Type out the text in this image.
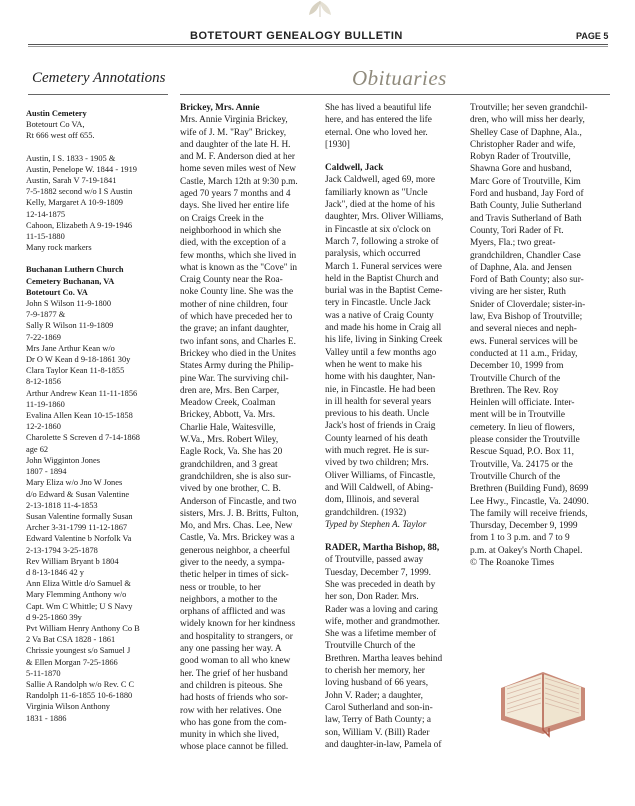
BOTETOURT GENEALOGY BULLETIN	PAGE 5
Cemetery Annotations	Obituaries
Austin Cemetery
Botetourt Co VA,
Rt 666 west off 655.
Austin, I S. 1833 - 1905 &
Austin, Penelope W. 1844 - 1919
Austin, Sarah V 7-19-1841
7-5-1882 second w/o I S Austin
Kelly, Margaret A 10-9-1809
12-14-1875
Cahoon, Elizabeth A 9-19-1946
11-15-1880
Many rock markers
Buchanan Luthern Church
Cemetery Buchanan, VA
Botetourt Co. VA
John S Wilson 11-9-1800
7-9-1877 &
Sally R Wilson 11-9-1809
7-22-1869
Mrs Jane Arthur Kean w/o
Dr O W Kean d 9-18-1861 30y
Clara Taylor Kean 11-8-1855
8-12-1856
Arthur Andrew Kean 11-11-1856
11-19-1860
Evalina Allen Kean 10-15-1858
12-2-1860
Charolette S Screven d 7-14-1868
age 62
John Wigginton Jones
1807 - 1894
Mary Eliza w/o Jno W Jones
d/o Edward & Susan Valentine
2-13-1818 11-4-1853
Susan Valentine formally Susan
Archer 3-31-1799 11-12-1867
Edward Valentine b Norfolk Va
2-13-1794 3-25-1878
Rev William Bryant b 1804
d 8-13-1846 42 y
Ann Eliza Wittle d/o Samuel &
Mary Flemming Anthony w/o
Capt. Wm C Whittle; U S Navy
d 9-25-1860 39y
Pvt William Henry Anthony Co B
2 Va Bat CSA 1828 - 1861
Chrissie youngest s/o Samuel J
& Ellen Morgan 7-25-1866
5-11-1870
Sallie A Randolph w/o Rev. C C
Randolph 11-6-1855 10-6-1880
Virginia Wilson Anthony
1831 - 1886
Brickey, Mrs. Annie
Mrs. Annie Virginia Brickey,
wife of J. M. "Ray" Brickey,
and daughter of the late H. H.
and M. F. Anderson died at her
home seven miles west of New
Castle, March 12th at 9:30 p.m.
aged 70 years 7 months and 4
days. She lived her entire life
on Craigs Creek in the
neighborhood in which she
died, with the exception of a
few months, which she lived in
what is known as the "Cove" in
Craig County near the Roa-
noke County line. She was the
mother of nine children, four
of which have preceded her to
the grave; an infant daughter,
two infant sons, and Charles E.
Brickey who died in the Unites
States Army during the Philip-
pine War. The surviving chil-
dren are, Mrs. Ben Carper,
Meadow Creek, Coalman
Brickey, Abbott, Va. Mrs.
Charlie Hale, Waitesville,
W.Va., Mrs. Robert Wiley,
Eagle Rock, Va. She has 20
grandchildren, and 3 great
grandchildren, she is also sur-
vived by one brother, C. B.
Anderson of Fincastle, and two
sisters, Mrs. J. B. Britts, Fulton,
Mo, and Mrs. Chas. Lee, New
Castle, Va. Mrs. Brickey was a
generous neighbor, a cheerful
giver to the needy, a sympa-
thetic helper in times of sick-
ness or trouble, to her
neighbors, a mother to the
orphans of afflicted and was
widely known for her kindness
and hospitality to strangers, or
any one passing her way. A
good woman to all who knew
her. The grief of her husband
and children is piteous. She
had hosts of friends who sor-
row with her relatives. One
who has gone from the com-
munity in which she lived,
whose place cannot be filled.
She has lived a beautiful life
here, and has entered the life
eternal. One who loved her.
[1930]
Caldwell, Jack
Jack Caldwell, aged 69, more
familiarly known as "Uncle
Jack", died at the home of his
daughter, Mrs. Oliver Williams,
in Fincastle at six o'clock on
March 7, following a stroke of
paralysis, which occurred
March 1. Funeral services were
held in the Baptist Church and
burial was in the Baptist Ceme-
tery in Fincastle. Uncle Jack
was a native of Craig County
and made his home in Craig all
his life, living in Sinking Creek
Valley until a few months ago
when he went to make his
home with his daughter, Nan-
nie, in Fincastle. He had been
in ill health for several years
previous to his death. Uncle
Jack's host of friends in Craig
County learned of his death
with much regret. He is sur-
vived by two children; Mrs.
Oliver Williams, of Fincastle,
and Will Caldwell, of Abing-
dom, Illinois, and several
grandchildren. (1932)
Typed by Stephen A. Taylor
RADER, Martha Bishop, 88,
of Troutville, passed away
Tuesday, December 7, 1999.
She was preceded in death by
her son, Don Rader. Mrs.
Rader was a loving and caring
wife, mother and grandmother.
She was a lifetime member of
Troutville Church of the
Brethren. Martha leaves behind
to cherish her memory, her
loving husband of 66 years,
John V. Rader; a daughter,
Carol Sutherland and son-in-
law, Terry of Bath County; a
son, William V. (Bill) Rader
and daughter-in-law, Pamela of
Troutville; her seven grandchil-
dren, who will miss her dearly,
Shelley Case of Daphne, Ala.,
Christopher Rader and wife,
Robyn Rader of Troutville,
Shawna Gore and husband,
Marc Gore of Troutville, Kim
Ford and husband, Jay Ford of
Bath County, Julie Sutherland
and Travis Sutherland of Bath
County, Tori Rader of Ft.
Myers, Fla.; two great-
grandchildren, Chandler Case
of Daphne, Ala. and Jensen
Ford of Bath County; also sur-
viving are her sister, Ruth
Snider of Cloverdale; sister-in-
law, Eva Bishop of Troutville;
and several nieces and neph-
ews. Funeral services will be
conducted at 11 a.m., Friday,
December 10, 1999 from
Troutville Church of the
Brethren. The Rev. Roy
Heinlen will officiate. Inter-
ment will be in Troutville
cemetery. In lieu of flowers,
please consider the Troutville
Rescue Squad, P.O. Box 11,
Troutville, Va. 24175 or the
Troutville Church of the
Brethren (Building Fund), 8699
Lee Hwy., Fincastle, Va. 24090.
The family will receive friends,
Thursday, December 9, 1999
from 1 to 3 p.m. and 7 to 9
p.m. at Oakey's North Chapel.
© The Roanoke Times
